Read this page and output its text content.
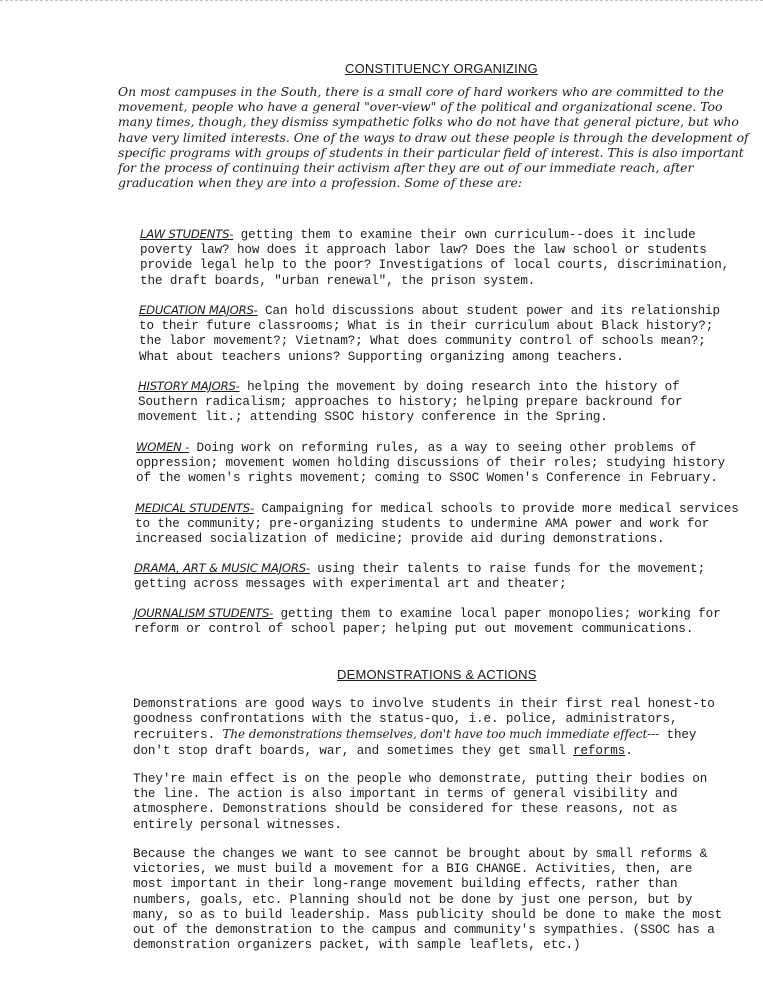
CONSTITUENCY ORGANIZING

On most campuses in the South, there is a small core of hard workers who are committed to the movement, people who have a general "over-view" of the political and organizational scene. Too many times, though, they dismiss sympathetic folks who do not have that general picture, but who have very limited interests. One of the ways to draw out these people is through the development of specific programs with groups of students in their particular field of interest. This is also important for the process of continuing their activism after they are out of our immediate reach, after graducation when they are into a profession. Some of these are:

LAW STUDENTS- getting them to examine their own curriculum--does it include poverty law? how does it approach labor law? Does the law school or students provide legal help to the poor? Investigations of local courts, discrimination, the draft boards, "urban renewal", the prison system.

EDUCATION MAJORS- Can hold discussions about student power and its relationship to their future classrooms; What is in their curriculum about Black history?; the labor movement?; Vietnam?; What does community control of schools mean?; What about teachers unions? Supporting organizing among teachers.

HISTORY MAJORS- helping the movement by doing research into the history of Southern radicalism; approaches to history; helping prepare backround for movement lit.; attending SSOC history conference in the Spring.

WOMEN - Doing work on reforming rules, as a way to seeing other problems of oppression; movement women holding discussions of their roles; studying history of the women's rights movement; coming to SSOC Women's Conference in February.

MEDICAL STUDENTS- Campaigning for medical schools to provide more medical services to the community; pre-organizing students to undermine AMA power and work for increased socialization of medicine; provide aid during demonstrations.

DRAMA, ART & MUSIC MAJORS- using their talents to raise funds for the movement; getting across messages with experimental art and theater;

JOURNALISM STUDENTS- getting them to examine local paper monopolies; working for reform or control of school paper; helping put out movement communications.

DEMONSTRATIONS & ACTIONS

Demonstrations are good ways to involve students in their first real honest-to goodness confrontations with the status-quo, i.e. police, administrators, recruiters. The demonstrations themselves, don't have too much immediate effect--- they don't stop draft boards, war, and sometimes they get small reforms.

They're main effect is on the people who demonstrate, putting their bodies on the line. The action is also important in terms of general visibility and atmosphere. Demonstrations should be considered for these reasons, not as entirely personal witnesses.

Because the changes we want to see cannot be brought about by small reforms & victories, we must build a movement for a BIG CHANGE. Activities, then, are most important in their long-range movement building effects, rather than numbers, goals, etc. Planning should not be done by just one person, but by many, so as to build leadership. Mass publicity should be done to make the most out of the demonstration to the campus and community's sympathies. (SSOC has a demonstration organizers packet, with sample leaflets, etc.)
